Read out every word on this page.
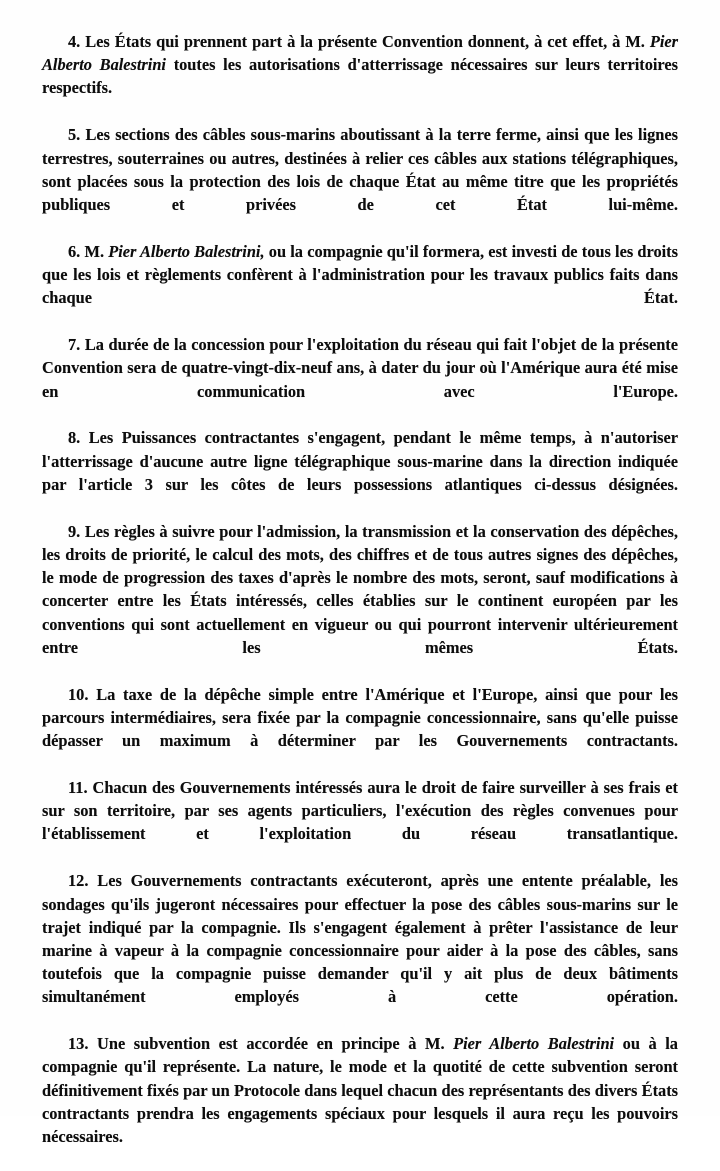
4. Les États qui prennent part à la présente Convention donnent, à cet effet, à M. Pier Alberto Balestrini toutes les autorisations d'atterrissage nécessaires sur leurs territoires respectifs.

5. Les sections des câbles sous-marins aboutissant à la terre ferme, ainsi que les lignes terrestres, souterraines ou autres, destinées à relier ces câbles aux stations télégraphiques, sont placées sous la protection des lois de chaque État au même titre que les propriétés publiques et privées de cet État lui-même.

6. M. Pier Alberto Balestrini, ou la compagnie qu'il formera, est investi de tous les droits que les lois et règlements confèrent à l'administration pour les travaux publics faits dans chaque État.

7. La durée de la concession pour l'exploitation du réseau qui fait l'objet de la présente Convention sera de quatre-vingt-dix-neuf ans, à dater du jour où l'Amérique aura été mise en communication avec l'Europe.

8. Les Puissances contractantes s'engagent, pendant le même temps, à n'autoriser l'atterrissage d'aucune autre ligne télégraphique sous-marine dans la direction indiquée par l'article 3 sur les côtes de leurs possessions atlantiques ci-dessus désignées.

9. Les règles à suivre pour l'admission, la transmission et la conservation des dépêches, les droits de priorité, le calcul des mots, des chiffres et de tous autres signes des dépêches, le mode de progression des taxes d'après le nombre des mots, seront, sauf modifications à concerter entre les États intéressés, celles établies sur le continent européen par les conventions qui sont actuellement en vigueur ou qui pourront intervenir ultérieurement entre les mêmes États.

10. La taxe de la dépêche simple entre l'Amérique et l'Europe, ainsi que pour les parcours intermédiaires, sera fixée par la compagnie concessionnaire, sans qu'elle puisse dépasser un maximum à déterminer par les Gouvernements contractants.

11. Chacun des Gouvernements intéressés aura le droit de faire surveiller à ses frais et sur son territoire, par ses agents particuliers, l'exécution des règles convenues pour l'établissement et l'exploitation du réseau transatlantique.

12. Les Gouvernements contractants exécuteront, après une entente préalable, les sondages qu'ils jugeront nécessaires pour effectuer la pose des câbles sous-marins sur le trajet indiqué par la compagnie. Ils s'engagent également à prêter l'assistance de leur marine à vapeur à la compagnie concessionnaire pour aider à la pose des câbles, sans toutefois que la compagnie puisse demander qu'il y ait plus de deux bâtiments simultanément employés à cette opération.

13. Une subvention est accordée en principe à M. Pier Alberto Balestrini ou à la compagnie qu'il représente. La nature, le mode et la quotité de cette subvention seront définitivement fixés par un Protocole dans lequel chacun des représentants des divers États contractants prendra les engagements spéciaux pour lesquels il aura reçu les pouvoirs nécessaires.
